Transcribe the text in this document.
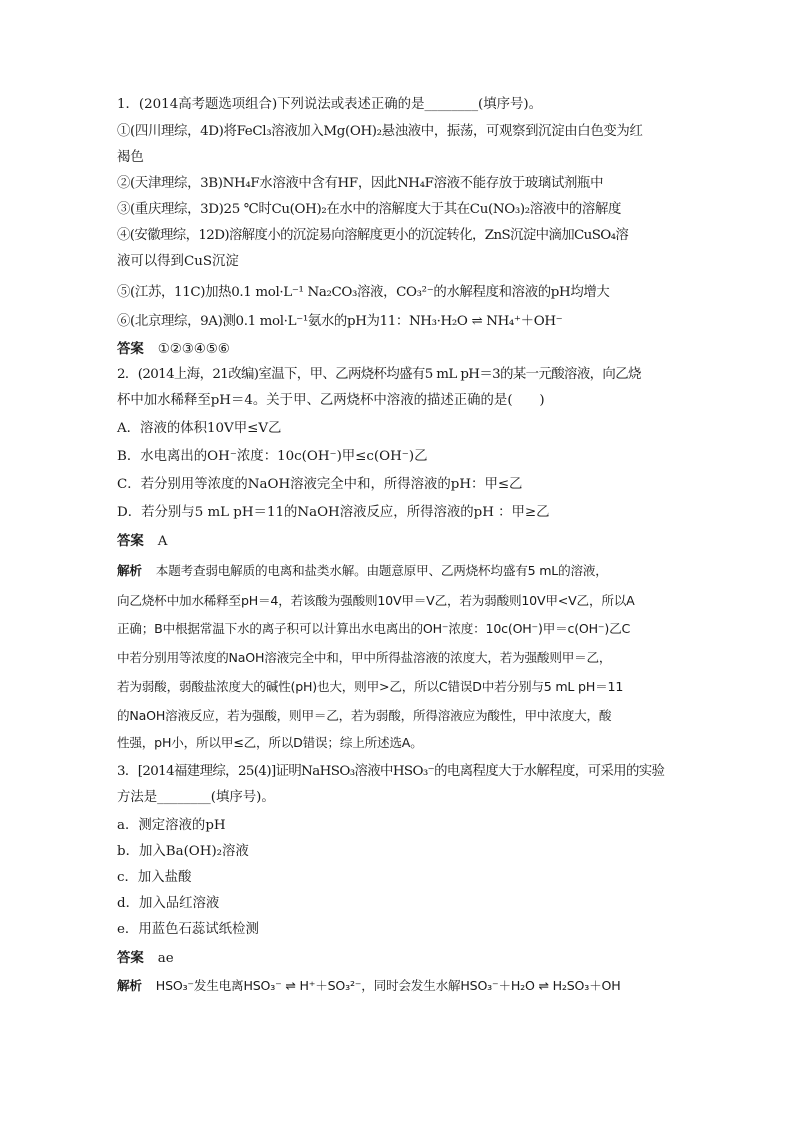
1．(2014高考题选项组合)下列说法或表述正确的是________(填序号)。
①(四川理综，4D)将FeCl₃溶液加入Mg(OH)₂悬浊液中，振荡，可观察到沉淀由白色变为红
褐色
②(天津理综，3B)NH₄F水溶液中含有HF，因此NH₄F溶液不能存放于玻璃试剂瓶中
③(重庆理综，3D)25 ℃时Cu(OH)₂在水中的溶解度大于其在Cu(NO₃)₂溶液中的溶解度
④(安徽理综，12D)溶解度小的沉淀易向溶解度更小的沉淀转化，ZnS沉淀中滴加CuSO₄溶
液可以得到CuS沉淀
⑤(江苏，11C)加热0.1 mol·L⁻¹ Na₂CO₃溶液，CO₃²⁻的水解程度和溶液的pH均增大
⑥(北京理综，9A)测0.1 mol·L⁻¹氨水的pH为11：NH₃·H₂O ⇌ NH₄⁺＋OH⁻
答案 ①②③④⑤⑥
2．(2014上海，21改编)室温下，甲、乙两烧杯均盛有5 mL pH＝3的某一元酸溶液，向乙烧
杯中加水稀释至pH＝4。关于甲、乙两烧杯中溶液的描述正确的是(　　)
A．溶液的体积10V甲≤V乙
B．水电离出的OH⁻浓度：10c(OH⁻)甲≤c(OH⁻)乙
C．若分别用等浓度的NaOH溶液完全中和，所得溶液的pH：甲≤乙
D．若分别与5 mL pH＝11的NaOH溶液反应，所得溶液的pH ：甲≥乙
答案 A
解析 本题考查弱电解质的电离和盐类水解。由题意原甲、乙两烧杯均盛有5 mL的溶液，
向乙烧杯中加水稀释至pH＝4，若该酸为强酸则10V甲＝V乙，若为弱酸则10V甲<V乙，所以A
正确；B中根据常温下水的离子积可以计算出水电离出的OH⁻浓度：10c(OH⁻)甲＝c(OH⁻)乙C
中若分别用等浓度的NaOH溶液完全中和，甲中所得盐溶液的浓度大，若为强酸则甲＝乙，
若为弱酸，弱酸盐浓度大的碱性(pH)也大，则甲>乙，所以C错误D中若分别与5 mL pH＝11
的NaOH溶液反应，若为强酸，则甲＝乙，若为弱酸，所得溶液应为酸性，甲中浓度大，酸
性强，pH小，所以甲≤乙，所以D错误；综上所述选A。
3．[2014福建理综，25(4)]证明NaHSO₃溶液中HSO₃⁻的电离程度大于水解程度，可采用的实验
方法是________(填序号)。
a．测定溶液的pH
b．加入Ba(OH)₂溶液
c．加入盐酸
d．加入品红溶液
e．用蓝色石蕊试纸检测
答案 ae
解析 HSO₃⁻发生电离HSO₃⁻ ⇌ H⁺＋SO₃²⁻，同时会发生水解HSO₃⁻＋H₂O ⇌ H₂SO₃＋OH
